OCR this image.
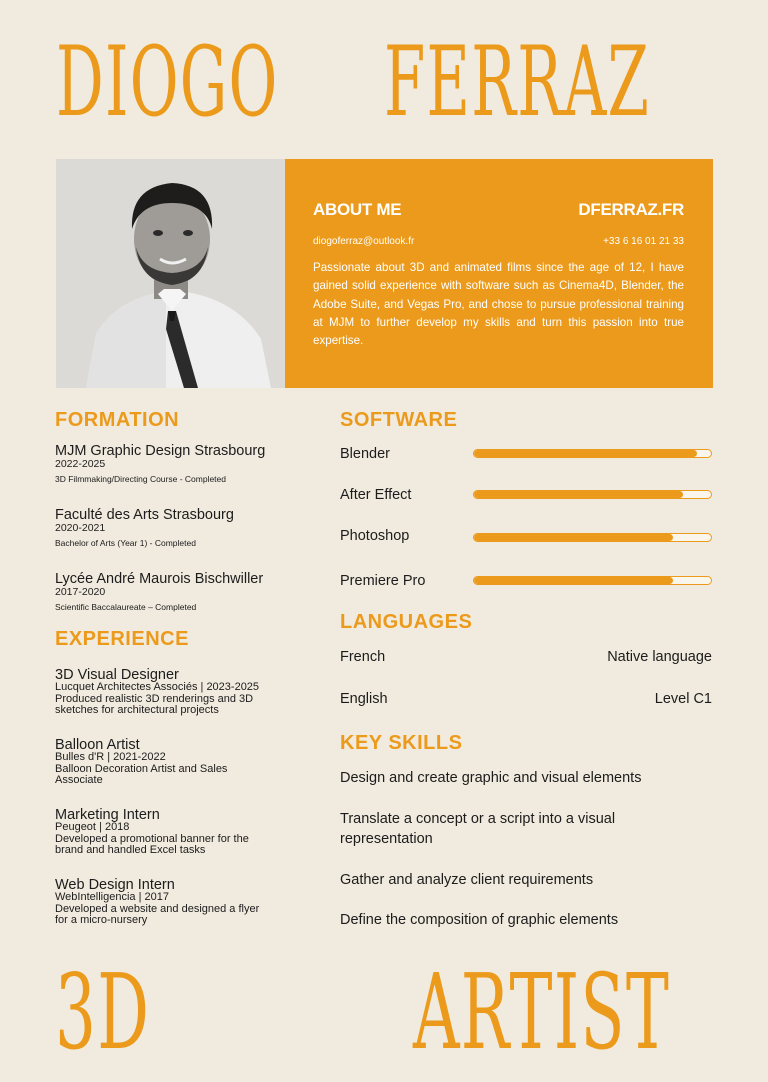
DIOGO FERRAZ
ABOUT ME	DFERRAZ.FR
diogoferraz@outlook.fr	+33 6 16 01 21 33

Passionate about 3D and animated films since the age of 12, I have gained solid experience with software such as Cinema4D, Blender, the Adobe Suite, and Vegas Pro, and chose to pursue professional training at MJM to further develop my skills and turn this passion into true expertise.

FORMATION
MJM Graphic Design Strasbourg
2022-2025
3D Filmmaking/Directing Course - Completed
Faculté des Arts Strasbourg
2020-2021
Bachelor of Arts (Year 1) - Completed
Lycée André Maurois Bischwiller
2017-2020
Scientific Baccalaureate – Completed
EXPERIENCE
3D Visual Designer
Lucquet Architectes Associés | 2023-2025
Produced realistic 3D renderings and 3D
sketches for architectural projects
Balloon Artist
Bulles d'R | 2021-2022
Balloon Decoration Artist and Sales
Associate
Marketing Intern
Peugeot | 2018
Developed a promotional banner for the
brand and handled Excel tasks
Web Design Intern
WebIntelligencia | 2017
Developed a website and designed a flyer
for a micro-nursery
SOFTWARE
Blender
After Effect
Photoshop
Premiere Pro
LANGUAGES
French	Native language
English	Level C1
KEY SKILLS
Design and create graphic and visual elements
Translate a concept or a script into a visual representation
Gather and analyze client requirements
Define the composition of graphic elements
3D	ARTIST
